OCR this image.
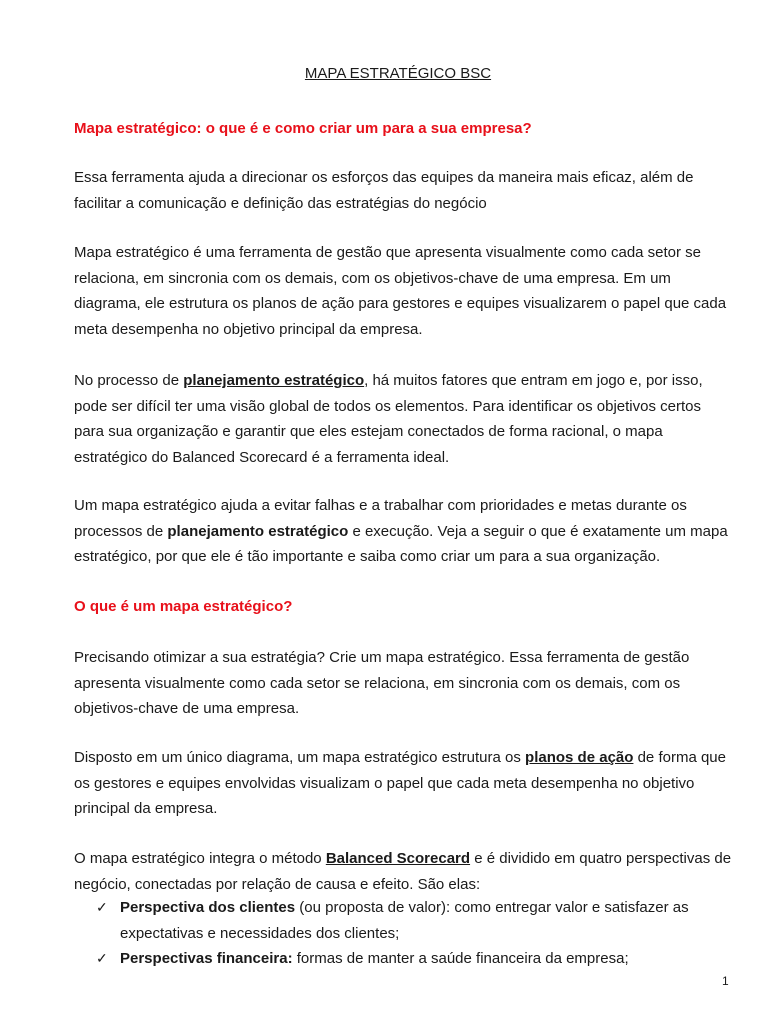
MAPA ESTRATÉGICO BSC
Mapa estratégico: o que é e como criar um para a sua empresa?

Essa ferramenta ajuda a direcionar os esforços das equipes da maneira mais eficaz, além de facilitar a comunicação e definição das estratégias do negócio

Mapa estratégico é uma ferramenta de gestão que apresenta visualmente como cada setor se relaciona, em sincronia com os demais, com os objetivos-chave de uma empresa. Em um diagrama, ele estrutura os planos de ação para gestores e equipes visualizarem o papel que cada meta desempenha no objetivo principal da empresa.

No processo de planejamento estratégico, há muitos fatores que entram em jogo e, por isso, pode ser difícil ter uma visão global de todos os elementos. Para identificar os objetivos certos para sua organização e garantir que eles estejam conectados de forma racional, o mapa estratégico do Balanced Scorecard é a ferramenta ideal.

Um mapa estratégico ajuda a evitar falhas e a trabalhar com prioridades e metas durante os processos de planejamento estratégico e execução. Veja a seguir o que é exatamente um mapa estratégico, por que ele é tão importante e saiba como criar um para a sua organização.

O que é um mapa estratégico?

Precisando otimizar a sua estratégia? Crie um mapa estratégico. Essa ferramenta de gestão apresenta visualmente como cada setor se relaciona, em sincronia com os demais, com os objetivos-chave de uma empresa.

Disposto em um único diagrama, um mapa estratégico estrutura os planos de ação de forma que os gestores e equipes envolvidas visualizam o papel que cada meta desempenha no objetivo principal da empresa.

O mapa estratégico integra o método Balanced Scorecard e é dividido em quatro perspectivas de negócio, conectadas por relação de causa e efeito. São elas:

✓ Perspectiva dos clientes (ou proposta de valor): como entregar valor e satisfazer as expectativas e necessidades dos clientes;
✓ Perspectivas financeira: formas de manter a saúde financeira da empresa;
1
